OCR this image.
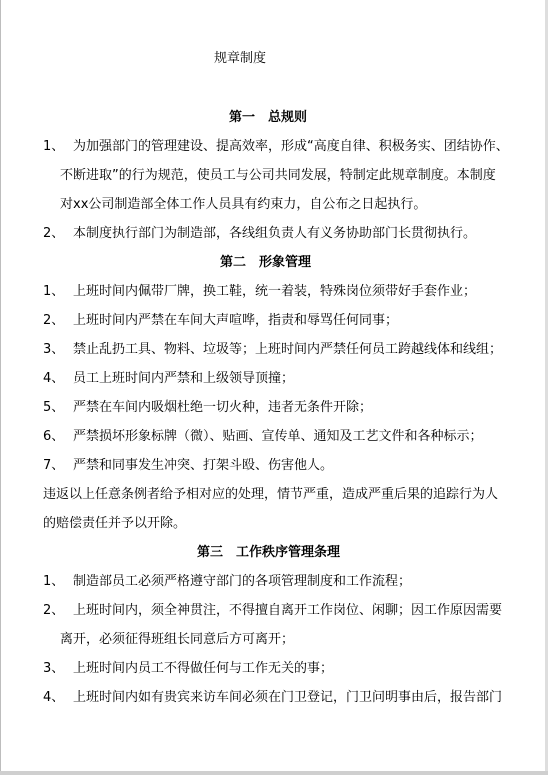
规章制度
第一　总规则
1、 为加强部门的管理建设、提高效率，形成“高度自律、积极务实、团结协作、
不断进取”的行为规范，使员工与公司共同发展，特制定此规章制度。本制度
对xx公司制造部全体工作人员具有约束力，自公布之日起执行。
2、 本制度执行部门为制造部，各线组负责人有义务协助部门长贯彻执行。
第二　形象管理
1、 上班时间内佩带厂牌，换工鞋，统一着装，特殊岗位须带好手套作业；
2、 上班时间内严禁在车间大声喧哗，指责和辱骂任何同事；
3、 禁止乱扔工具、物料、垃圾等；上班时间内严禁任何员工跨越线体和线组；
4、 员工上班时间内严禁和上级领导顶撞；
5、 严禁在车间内吸烟杜绝一切火种，违者无条件开除；
6、 严禁损坏形象标牌（微）、贴画、宣传单、通知及工艺文件和各种标示；
7、 严禁和同事发生冲突、打架斗殴、伤害他人。
违返以上任意条例者给予相对应的处理，情节严重，造成严重后果的追踪行为人
的赔偿责任并予以开除。
第三　工作秩序管理条理
1、 制造部员工必须严格遵守部门的各项管理制度和工作流程；
2、 上班时间内，须全神贯注，不得擅自离开工作岗位、闲聊；因工作原因需要
离开，必须征得班组长同意后方可离开；
3、 上班时间内员工不得做任何与工作无关的事；
4、 上班时间内如有贵宾来访车间必须在门卫登记，门卫问明事由后，报告部门
